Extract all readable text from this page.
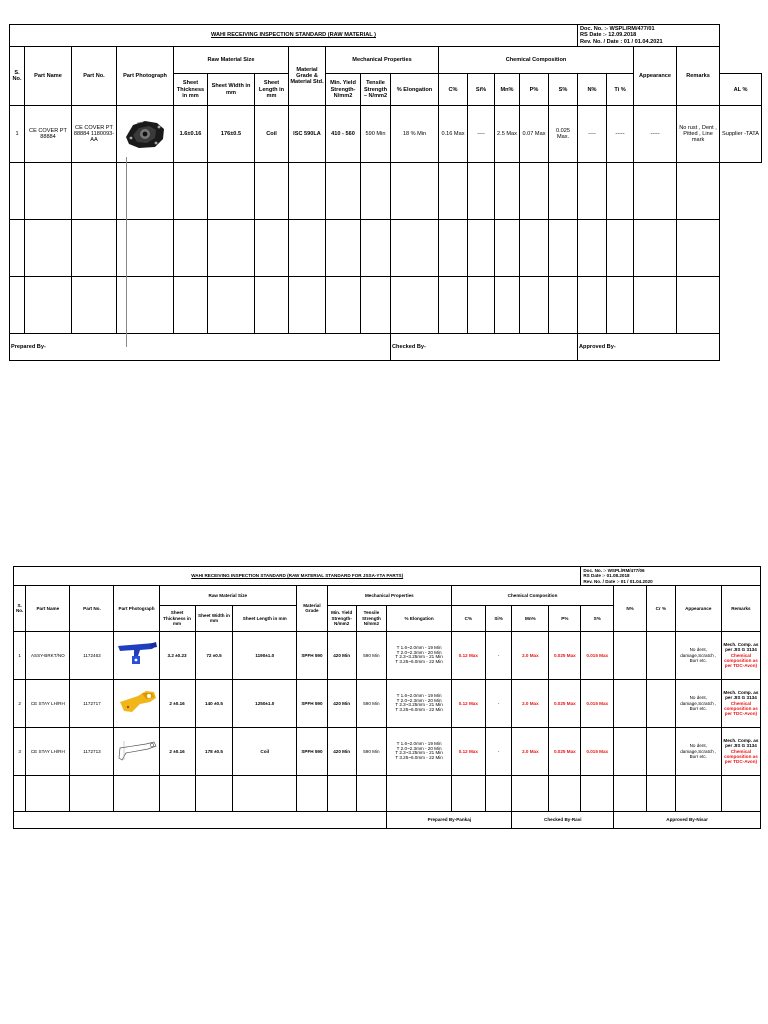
WAHI RECEIVING INSPECTION STANDARD (RAW MATERIAL )																Doc. No. :- WSPL/RM/477/01
RS Date :- 12.09.2018
Rev. No. / Date : 01 / 01.04.2021				

S. No.	Part Name	Part No.	Part Photograph	Raw Material Size			Material Grade & Material Std.	Mechanical Properties			Chemical Composition							Appearance	Remarks	
				Sheet Thickness in mm	Sheet Width in mm	Sheet Length in mm		Min. Yield Strength- N/mm2	Tensile Strength – N/mm2	% Elongation	C%	Si%	Mn%	P%	S%	N%	Ti %			AL %
1	CE COVER PT 88884	CE COVER PT 88884 1180093-AA		1.6±0.16	176±0.5	Coil	ISC 590LA	410 - 560	590 Min	18 % Min	0.16 Max	----	2.5 Max	0.07 Max	0.025 Max.	----	-----	-----	No rust , Dent , Pitted , Line mark	Supplier -TATA

Prepared By-										Checked By-						Approved By-				
WAHI RECEIVING INSPECTION STANDARD (RAW MATERIAL STANDARD FOR JSSA-YTA PARTS)															Doc. No. :- WSPL/RM/477/06
RS Date :- 01.08.2018
Rev. No. / Date :- 01 / 01.04.2020				

S. No.	Part Name	Part No.	Part Photograph	Raw Material Size			Material Grade	Mechanical Properties			Chemical Composition					N%	Cr %	Appearance	Remarks
				Sheet Thickness in mm	Sheet Width in mm	Sheet Length in mm		Min. Yield Strength- N/mm2	Tensile Strength N/mm2	% Elongation	C%	Si%	Mn%	P%	S%				
1	ASSY-BRKT/NO	1172463		3.2 ±0.23	72 ±0.5	1190±1.0	SPFH 590	420 Min	590 Min	T 1.6~2.0mm - 19 Min
T 2.0~2.3mm - 20 Min
T 2.3~3.25mm - 21 Min
T 3.25~6.0mm - 22 Min	0.12 Max	-	2.0 Max	0.025 Max	0.015 Max			No dent, damage,Scratch , Burr etc.	Mech. Comp. as per JIS G 3134 Chemical composition as per TDC-Avon)
2	CE STAY LH/RH	1172717		2 ±0.16	140 ±0.5	1250±1.0	SPFH 590	420 Min	590 Min	T 1.6~2.0mm - 19 Min
T 2.0~2.3mm - 20 Min
T 2.3~3.25mm - 21 Min
T 3.25~6.0mm - 22 Min	0.12 Max	-	2.0 Max	0.025 Max	0.015 Max			No dent, damage,Scratch , Burr etc.	Mech. Comp. as per JIS G 3134 Chemical composition as per TDC-Avon)
3	CE STAY LH/RH	1172713		2 ±0.16	178 ±0.5	Coil	SPFH 590	420 Min	590 Min	T 1.6~2.0mm - 19 Min
T 2.0~2.3mm - 20 Min
T 2.3~3.25mm - 21 Min
T 3.25~6.0mm - 22 Min	0.12 Max	-	2.0 Max	0.025 Max	0.015 Max			No dent, damage,Scratch , Burr etc.	Mech. Comp. as per JIS G 3134 Chemical composition as per TDC-Avon)

										Prepared By-Pankaj			Checked By-Ravi			Approved By-Nisar			
